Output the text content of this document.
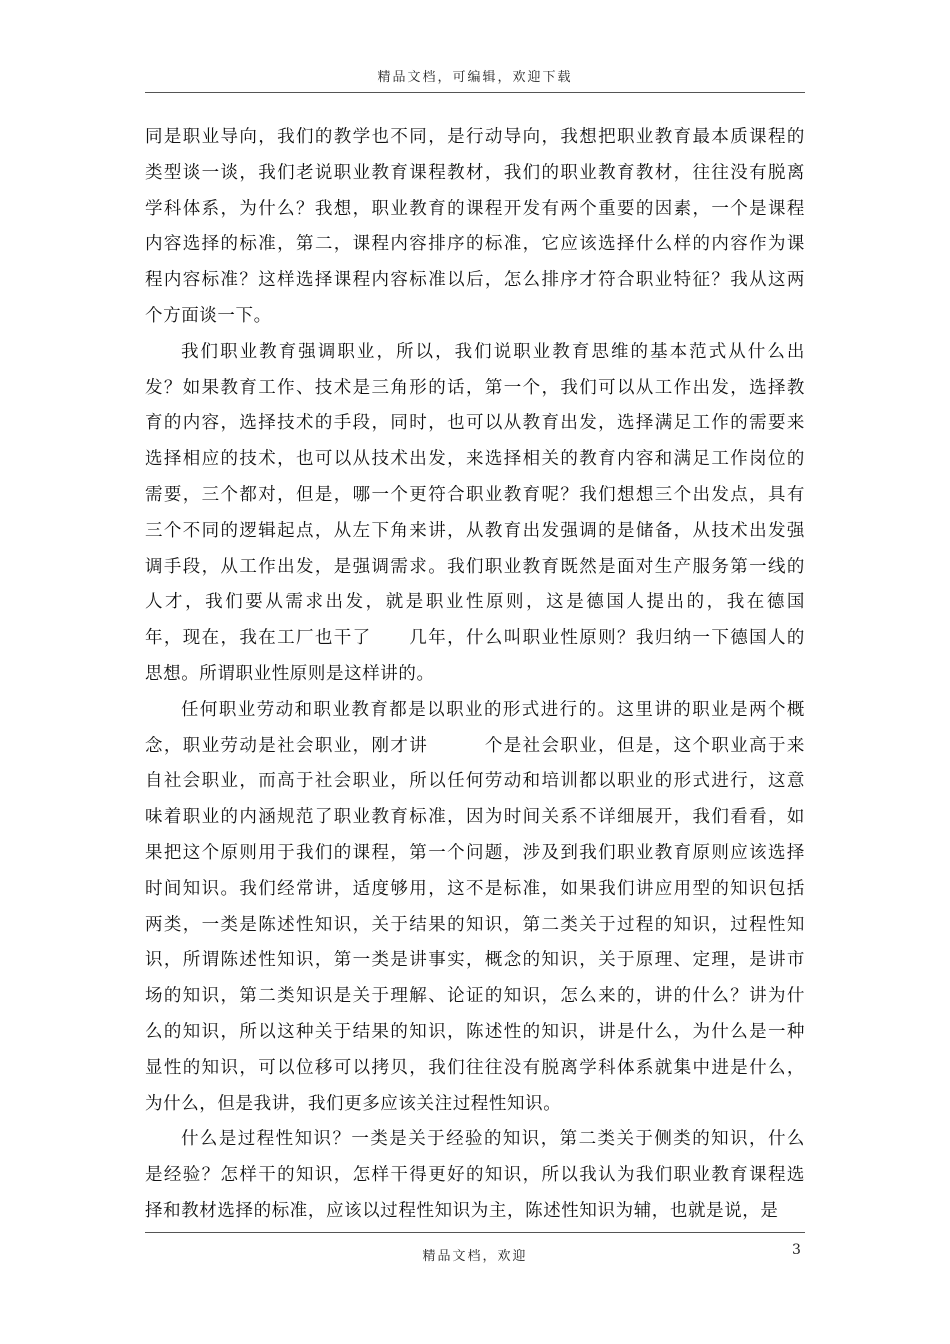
精品文档，可编辑，欢迎下载
同是职业导向，我们的教学也不同，是行动导向，我想把职业教育最本质课程的
类型谈一谈，我们老说职业教育课程教材，我们的职业教育教材，往往没有脱离
学科体系，为什么？我想，职业教育的课程开发有两个重要的因素，一个是课程
内容选择的标准，第二，课程内容排序的标准，它应该选择什么样的内容作为课
程内容标准？这样选择课程内容标准以后，怎么排序才符合职业特征？我从这两
个方面谈一下。
我们职业教育强调职业，所以，我们说职业教育思维的基本范式从什么出
发？如果教育工作、技术是三角形的话，第一个，我们可以从工作出发，选择教
育的内容，选择技术的手段，同时，也可以从教育出发，选择满足工作的需要来
选择相应的技术，也可以从技术出发，来选择相关的教育内容和满足工作岗位的
需要，三个都对，但是，哪一个更符合职业教育呢？我们想想三个出发点，具有
三个不同的逻辑起点，从左下角来讲，从教育出发强调的是储备，从技术出发强
调手段，从工作出发，是强调需求。我们职业教育既然是面对生产服务第一线的
人才，我们要从需求出发，就是职业性原则，这是德国人提出的，我在德国
年，现在，我在工厂也干了　　几年，什么叫职业性原则？我归纳一下德国人的
思想。所谓职业性原则是这样讲的。
任何职业劳动和职业教育都是以职业的形式进行的。这里讲的职业是两个概
念，职业劳动是社会职业，刚才讲　　　个是社会职业，但是，这个职业高于来
自社会职业，而高于社会职业，所以任何劳动和培训都以职业的形式进行，这意
味着职业的内涵规范了职业教育标准，因为时间关系不详细展开，我们看看，如
果把这个原则用于我们的课程，第一个问题，涉及到我们职业教育原则应该选择
时间知识。我们经常讲，适度够用，这不是标准，如果我们讲应用型的知识包括
两类，一类是陈述性知识，关于结果的知识，第二类关于过程的知识，过程性知
识，所谓陈述性知识，第一类是讲事实，概念的知识，关于原理、定理，是讲市
场的知识，第二类知识是关于理解、论证的知识，怎么来的，讲的什么？讲为什
么的知识，所以这种关于结果的知识，陈述性的知识，讲是什么，为什么是一种
显性的知识，可以位移可以拷贝，我们往往没有脱离学科体系就集中进是什么，
为什么，但是我讲，我们更多应该关注过程性知识。
什么是过程性知识？一类是关于经验的知识，第二类关于侧类的知识，什么
是经验？怎样干的知识，怎样干得更好的知识，所以我认为我们职业教育课程选
择和教材选择的标准，应该以过程性知识为主，陈述性知识为辅，也就是说，是
精品文档，欢迎	3
